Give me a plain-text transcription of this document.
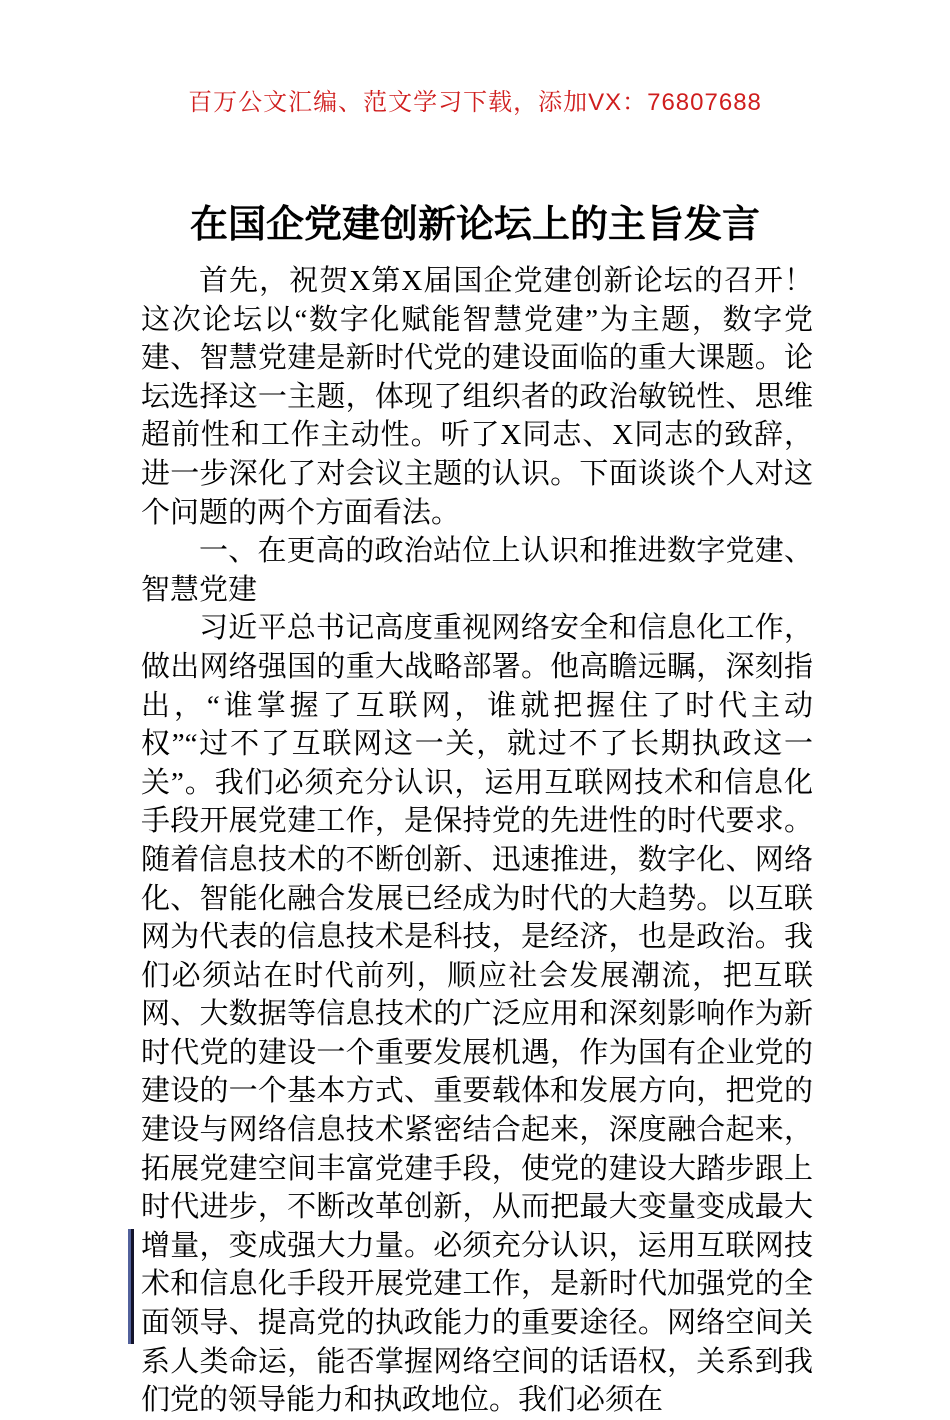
百万公文汇编、范文学习下载，添加VX：76807688
在国企党建创新论坛上的主旨发言

首先，祝贺X第X届国企党建创新论坛的召开！这次论坛以“数字化赋能智慧党建”为主题，数字党建、智慧党建是新时代党的建设面临的重大课题。论坛选择这一主题，体现了组织者的政治敏锐性、思维超前性和工作主动性。听了X同志、X同志的致辞，进一步深化了对会议主题的认识。下面谈谈个人对这个问题的两个方面看法。

一、在更高的政治站位上认识和推进数字党建、智慧党建

习近平总书记高度重视网络安全和信息化工作，做出网络强国的重大战略部署。他高瞻远瞩，深刻指出，“谁掌握了互联网，谁就把握住了时代主动权”“过不了互联网这一关，就过不了长期执政这一关”。我们必须充分认识，运用互联网技术和信息化手段开展党建工作，是保持党的先进性的时代要求。随着信息技术的不断创新、迅速推进，数字化、网络化、智能化融合发展已经成为时代的大趋势。以互联网为代表的信息技术是科技，是经济，也是政治。我们必须站在时代前列，顺应社会发展潮流，把互联网、大数据等信息技术的广泛应用和深刻影响作为新时代党的建设一个重要发展机遇，作为国有企业党的建设的一个基本方式、重要载体和发展方向，把党的建设与网络信息技术紧密结合起来，深度融合起来，拓展党建空间丰富党建手段，使党的建设大踏步跟上时代进步，不断改革创新，从而把最大变量变成最大增量，变成强大力量。必须充分认识，运用互联网技术和信息化手段开展党建工作，是新时代加强党的全面领导、提高党的执政能力的重要途径。网络空间关系人类命运，能否掌握网络空间的话语权，关系到我们党的领导能力和执政地位。我们必须在
